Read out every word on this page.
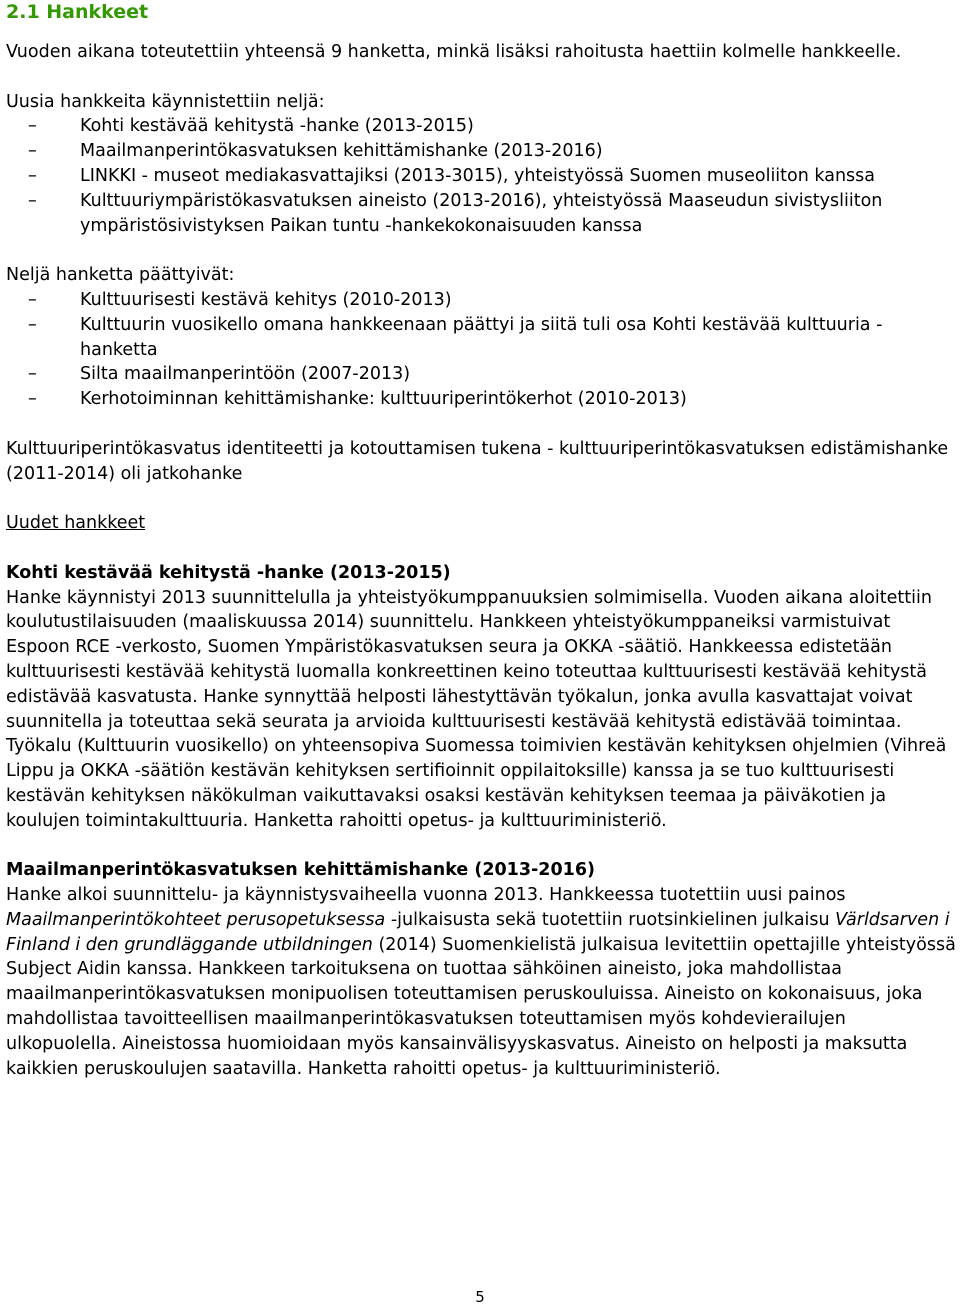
2.1 Hankkeet

Vuoden aikana toteutettiin yhteensä 9 hanketta, minkä lisäksi rahoitusta haettiin kolmelle hankkeelle.

Uusia hankkeita käynnistettiin neljä:

– Kohti kestävää kehitystä -hanke (2013-2015)
– Maailmanperintökasvatuksen kehittämishanke (2013-2016)
– LINKKI - museot mediakasvattajiksi (2013-3015), yhteistyössä Suomen museoliiton kanssa
– Kulttuuriympäristökasvatuksen aineisto (2013-2016), yhteistyössä Maaseudun sivistysliiton ympäristösivistyksen Paikan tuntu -hankekokonaisuuden kanssa

Neljä hanketta päättyivät:

– Kulttuurisesti kestävä kehitys (2010-2013)
– Kulttuurin vuosikello omana hankkeenaan päättyi ja siitä tuli osa Kohti kestävää kulttuuria -hanketta
– Silta maailmanperintöön (2007-2013)
– Kerhotoiminnan kehittämishanke: kulttuuriperintökerhot (2010-2013)

Kulttuuriperintökasvatus identiteetti ja kotouttamisen tukena - kulttuuriperintökasvatuksen edistämishanke (2011-2014) oli jatkohanke

Uudet hankkeet

Kohti kestävää kehitystä -hanke (2013-2015)

Hanke käynnistyi 2013 suunnittelulla ja yhteistyökumppanuuksien solmimisella. Vuoden aikana aloitettiin koulutustilaisuuden (maaliskuussa 2014) suunnittelu. Hankkeen yhteistyökumppaneiksi varmistuivat Espoon RCE -verkosto, Suomen Ympäristökasvatuksen seura ja OKKA -säätiö. Hankkeessa edistetään kulttuurisesti kestävää kehitystä luomalla konkreettinen keino toteuttaa kulttuurisesti kestävää kehitystä edistävää kasvatusta. Hanke synnyttää helposti lähestyttävän työkalun, jonka avulla kasvattajat voivat suunnitella ja toteuttaa sekä seurata ja arvioida kulttuurisesti kestävää kehitystä edistävää toimintaa. Työkalu (Kulttuurin vuosikello) on yhteensopiva Suomessa toimivien kestävän kehityksen ohjelmien (Vihreä Lippu ja OKKA -säätiön kestävän kehityksen sertifioinnit oppilaitoksille) kanssa ja se tuo kulttuurisesti kestävän kehityksen näkökulman vaikuttavaksi osaksi kestävän kehityksen teemaa ja päiväkotien ja koulujen toimintakulttuuria. Hanketta rahoitti opetus- ja kulttuuriministeriö.

Maailmanperintökasvatuksen kehittämishanke (2013-2016)

Hanke alkoi suunnittelu- ja käynnistysvaiheella vuonna 2013. Hankkeessa tuotettiin uusi painos Maailmanperintökohteet perusopetuksessa -julkaisusta sekä tuotettiin ruotsinkielinen julkaisu Världsarven i Finland i den grundläggande utbildningen (2014) Suomenkielistä julkaisua levitettiin opettajille yhteistyössä Subject Aidin kanssa. Hankkeen tarkoituksena on tuottaa sähköinen aineisto, joka mahdollistaa maailmanperintökasvatuksen monipuolisen toteuttamisen peruskouluissa. Aineisto on kokonaisuus, joka mahdollistaa tavoitteellisen maailmanperintökasvatuksen toteuttamisen myös kohdevierailujen ulkopuolella. Aineistossa huomioidaan myös kansainvälisyyskasvatus. Aineisto on helposti ja maksutta kaikkien peruskoulujen saatavilla. Hanketta rahoitti opetus- ja kulttuuriministeriö.

5
